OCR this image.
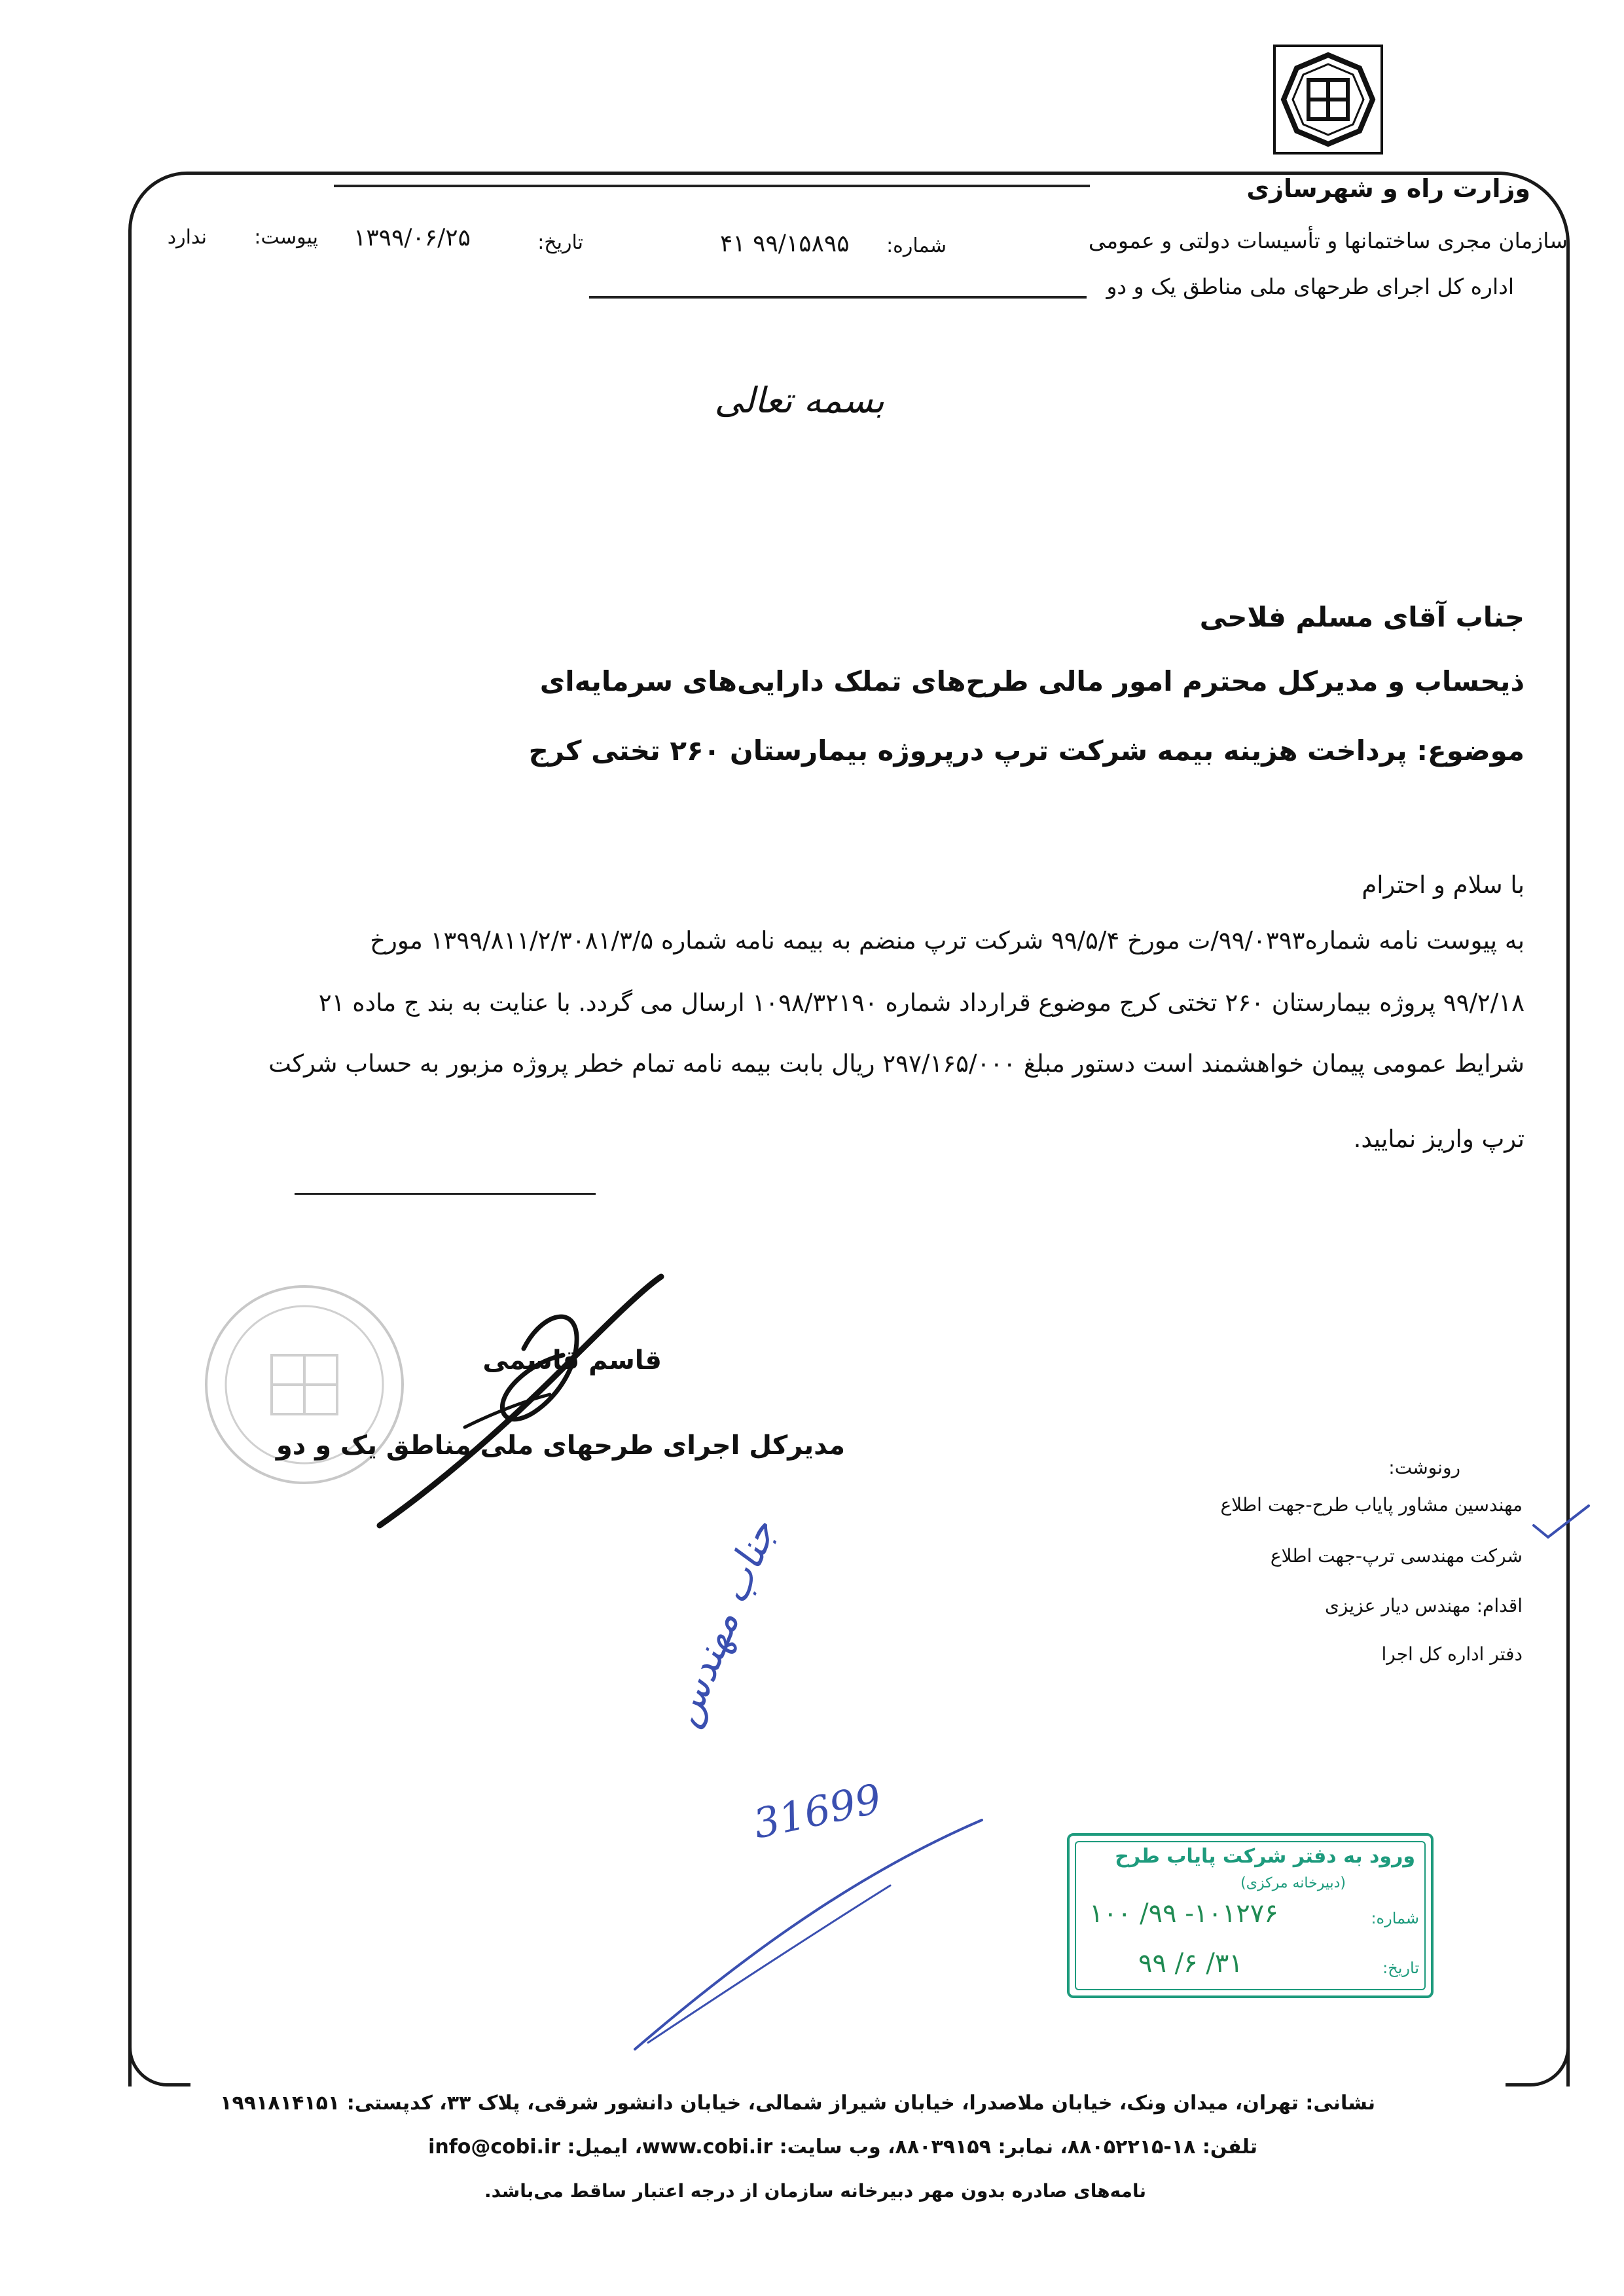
وزارت راه و شهرسازی
سازمان مجری ساختمانها و تأسیسات دولتی و عمومی
اداره کل اجرای طرحهای ملی مناطق یک و دو
شماره:
۴۱ ۹۹/۱۵۸۹۵
تاریخ:
۱۳۹۹/۰۶/۲۵
پیوست:
ندارد
بسمه تعالی
جناب آقای مسلم فلاحی
ذیحساب و مدیرکل محترم امور مالی طرح‌های تملک دارایی‌های سرمایه‌ای
موضوع: پرداخت هزینه بیمه شرکت ترپ درپروژه بیمارستان ۲۶۰ تختی کرج
با سلام و احترام
به پیوست نامه شماره۹۹/۰۳۹۳/ت مورخ ۹۹/۵/۴ شرکت ترپ منضم به بیمه نامه شماره ۱۳۹۹/۸۱۱/۲/۳۰۸۱/۳/۵ مورخ
۹۹/۲/۱۸ پروژه بیمارستان ۲۶۰ تختی کرج موضوع قرارداد شماره ۱۰۹۸/۳۲۱۹۰ ارسال می گردد. با عنایت به بند ج ماده ۲۱
شرایط عمومی پیمان خواهشمند است دستور مبلغ ۲۹۷/۱۶۵/۰۰۰ ریال بابت بیمه نامه تمام خطر پروژه مزبور به حساب شرکت
ترپ واریز نمایید.
قاسم قاسمی
مدیرکل اجرای طرحهای ملی مناطق یک و دو
رونوشت:
مهندسین مشاور پایاب طرح-جهت اطلاع
شرکت مهندسی ترپ-جهت اطلاع
اقدام: مهندس دیار عزیزی
دفتر اداره کل اجرا
جناب مهندس
31699
ورود به دفتر شرکت پایاب طرح
(دبیرخانه مرکزی)
شماره:
۱۰۰ /۹۹ -۱۰۱۲۷۶
تاریخ:
۹۹ /۶ /۳۱
نشانی: تهران، میدان ونک، خیابان ملاصدرا، خیابان شیراز شمالی، خیابان دانشور شرقی، پلاک ۳۳، کدپستی: ۱۹۹۱۸۱۴۱۵۱
تلفن: ۱۸-۸۸۰۵۲۲۱۵، نمابر: ۸۸۰۳۹۱۵۹، وب سایت: www.cobi.ir، ایمیل: info@cobi.ir
نامه‌های صادره بدون مهر دبیرخانه سازمان از درجه اعتبار ساقط می‌باشد.
